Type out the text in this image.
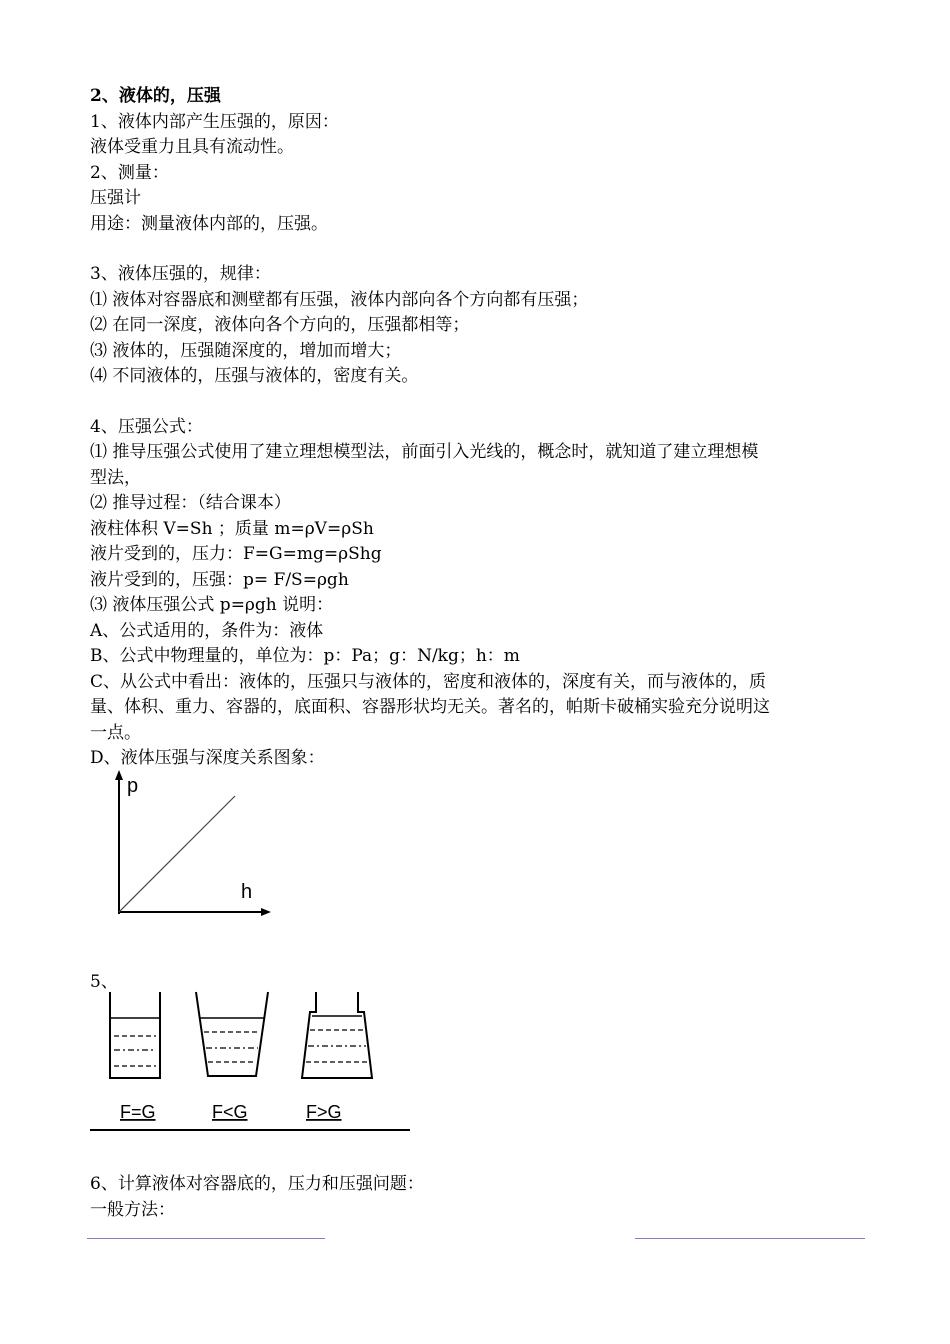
2、液体的，压强

1、液体内部产生压强的，原因：

液体受重力且具有流动性。

2、测量：

压强计

用途：测量液体内部的，压强。

3、液体压强的，规律：

⑴ 液体对容器底和测壁都有压强，液体内部向各个方向都有压强；

⑵ 在同一深度，液体向各个方向的，压强都相等；

⑶ 液体的，压强随深度的，增加而增大；

⑷ 不同液体的，压强与液体的，密度有关。

4、压强公式：

⑴ 推导压强公式使用了建立理想模型法，前面引入光线的，概念时，就知道了建立理想模

型法，

⑵ 推导过程：（结合课本）

液柱体积 V=Sh ；质量 m=ρV=ρSh

液片受到的，压力：F=G=mg=ρShg

液片受到的，压强：p= F/S=ρgh

⑶ 液体压强公式 p=ρgh 说明：

A、公式适用的，条件为：液体

B、公式中物理量的，单位为：p：Pa；g：N/kg；h：m

C、从公式中看出：液体的，压强只与液体的，密度和液体的，深度有关，而与液体的，质

量、体积、重力、容器的，底面积、容器形状均无关。著名的，帕斯卡破桶实验充分说明这

一点。

D、液体压强与深度关系图象：

p
h
5、
F=G	F<G	F>G

6、计算液体对容器底的，压力和压强问题：

一般方法：
